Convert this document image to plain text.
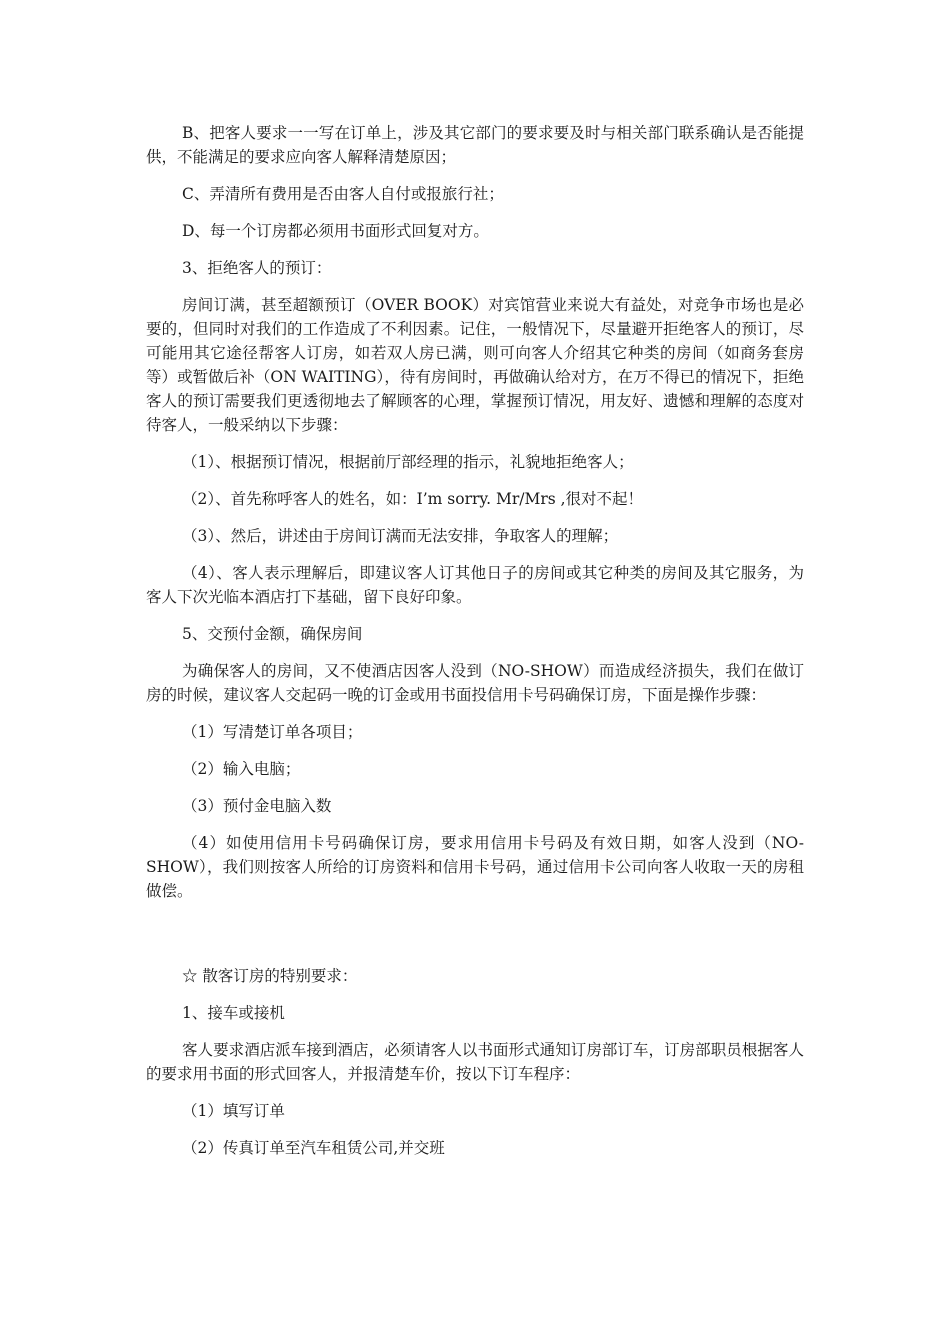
B、把客人要求一一写在订单上，涉及其它部门的要求要及时与相关部门联系确认是否能提供，不能满足的要求应向客人解释清楚原因；

C、弄清所有费用是否由客人自付或报旅行社；

D、每一个订房都必须用书面形式回复对方。

3、拒绝客人的预订：

房间订满，甚至超额预订（OVER BOOK）对宾馆营业来说大有益处，对竞争市场也是必要的，但同时对我们的工作造成了不利因素。记住，一般情况下，尽量避开拒绝客人的预订，尽可能用其它途径帮客人订房，如若双人房已满，则可向客人介绍其它种类的房间（如商务套房等）或暂做后补（ON WAITING），待有房间时，再做确认给对方，在万不得已的情况下，拒绝客人的预订需要我们更透彻地去了解顾客的心理，掌握预订情况，用友好、遗憾和理解的态度对待客人，一般采纳以下步骤：

（1）、根据预订情况，根据前厅部经理的指示，礼貌地拒绝客人；

（2）、首先称呼客人的姓名，如：I’m sorry. Mr/Mrs ,很对不起！

（3）、然后，讲述由于房间订满而无法安排，争取客人的理解；

（4）、客人表示理解后，即建议客人订其他日子的房间或其它种类的房间及其它服务，为客人下次光临本酒店打下基础，留下良好印象。

5、交预付金额，确保房间

为确保客人的房间，又不使酒店因客人没到（NO-SHOW）而造成经济损失，我们在做订房的时候，建议客人交起码一晚的订金或用书面投信用卡号码确保订房，下面是操作步骤：

（1）写清楚订单各项目；

（2）输入电脑；

（3）预付金电脑入数

（4）如使用信用卡号码确保订房，要求用信用卡号码及有效日期，如客人没到（NO-SHOW），我们则按客人所给的订房资料和信用卡号码，通过信用卡公司向客人收取一天的房租做偿。

☆ 散客订房的特别要求：

1、接车或接机

客人要求酒店派车接到酒店，必须请客人以书面形式通知订房部订车，订房部职员根据客人的要求用书面的形式回客人，并报清楚车价，按以下订车程序：

（1）填写订单

（2）传真订单至汽车租赁公司,并交班
